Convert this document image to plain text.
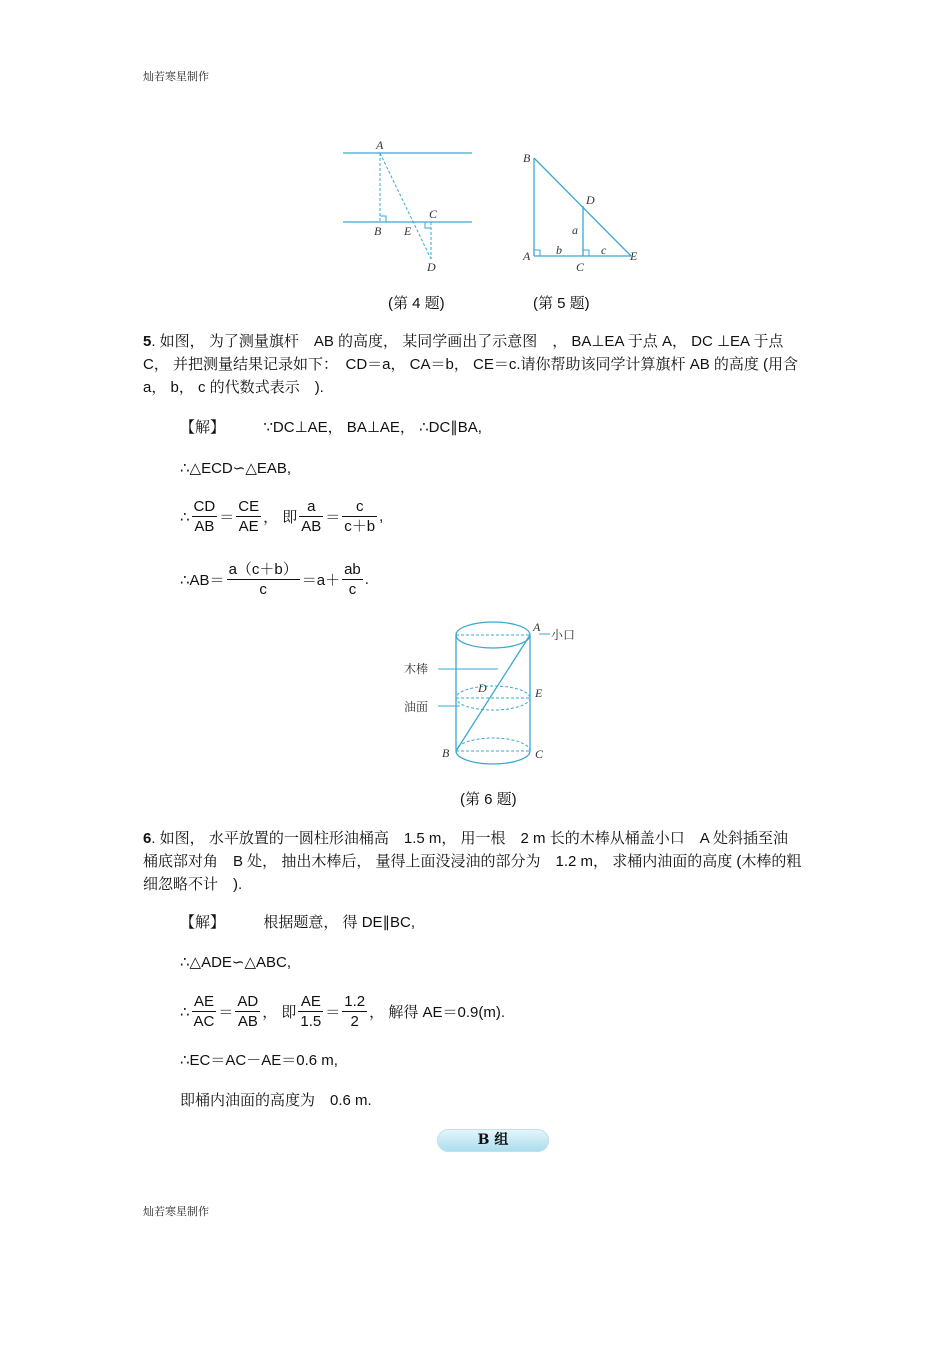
灿若寒星制作
灿若寒星制作
A
B
C
E
D
B
D
a
b	c
A
C
E
(第 4 题)	(第 5 题)
5. 如图， 为了测量旗杆　AB 的高度， 某同学画出了示意图　， BA⊥EA 于点 A， DC ⊥EA 于点 C， 并把测量结果记录如下：　CD＝a， CA＝b， CE＝c.请你帮助该同学计算旗杆 AB 的高度 (用含 a， b， c 的代数式表示　).
【解】	∵DC⊥AE， BA⊥AE， ∴DC∥BA,
∴△ECD∽△EAB,
∴ $\frac{CD}{AB} = \frac{CE}{AE}$ ， 即 $\frac{a}{AB} = \frac{c}{c+b}$ ,
∴AB＝ $\frac{a(c+b)}{c} =a+ \frac{ab}{c}$ .
A
小口
木棒
油面
D	E
B	C
(第 6 题)
6. 如图， 水平放置的一圆柱形油桶高　1.5 m， 用一根　2 m 长的木棒从桶盖小口　A 处斜插至油桶底部对角　B 处， 抽出木棒后， 量得上面没浸油的部分为　1.2 m， 求桶内油面的高度 (木棒的粗细忽略不计　).
【解】	根据题意， 得 DE∥BC,
∴△ADE∽△ABC,
∴ $\frac{AE}{AC} = \frac{AD}{AB}$ ， 即 $\frac{AE}{1.5} = \frac{1.2}{2}$ ， 解得 AE＝0.9(m).
∴EC＝AC－AE＝0.6 m,
即桶内油面的高度为　0.6 m.
B 组
